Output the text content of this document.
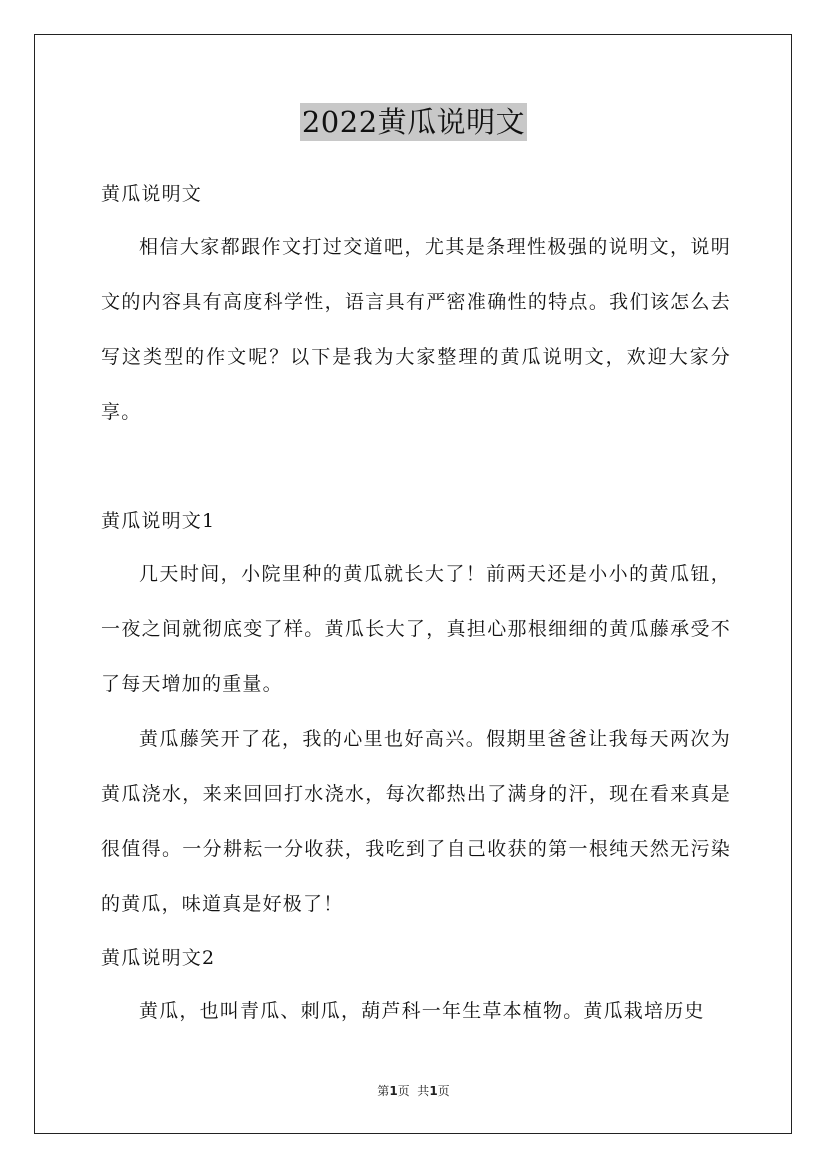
2022黄瓜说明文
黄瓜说明文

相信大家都跟作文打过交道吧，尤其是条理性极强的说明文，说明文的内容具有高度科学性，语言具有严密准确性的特点。我们该怎么去写这类型的作文呢？以下是我为大家整理的黄瓜说明文，欢迎大家分享。

黄瓜说明文1

几天时间，小院里种的黄瓜就长大了！前两天还是小小的黄瓜钮，一夜之间就彻底变了样。黄瓜长大了，真担心那根细细的黄瓜藤承受不了每天增加的重量。

黄瓜藤笑开了花，我的心里也好高兴。假期里爸爸让我每天两次为黄瓜浇水，来来回回打水浇水，每次都热出了满身的汗，现在看来真是很值得。一分耕耘一分收获，我吃到了自己收获的第一根纯天然无污染的黄瓜，味道真是好极了！

黄瓜说明文2

黄瓜，也叫青瓜、刺瓜，葫芦科一年生草本植物。黄瓜栽培历史

第1页  共1页
